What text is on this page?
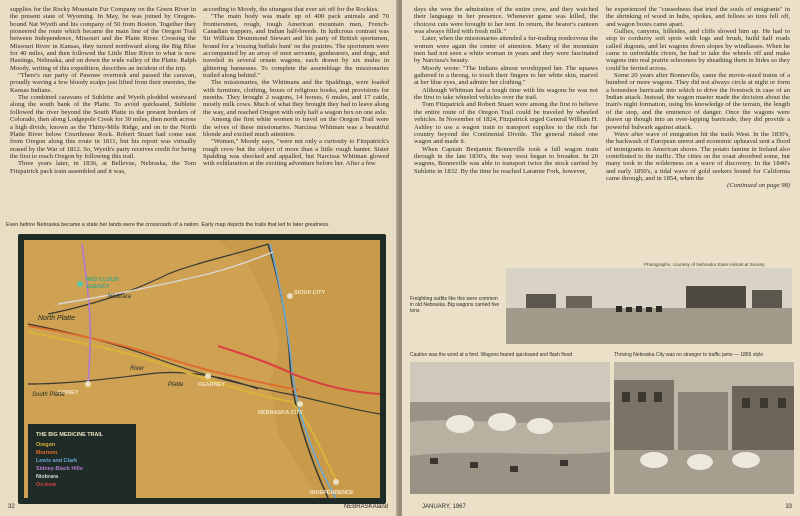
supplies for the Rocky Mountain Fur Company on the Green River in the present state of Wyoming. In May, he was joined by Oregon-bound Nat Wyeth and his company of 50 from Boston. Together they pioneered the route which became the main line of the Oregon Trail between Independence, Missouri and the Platte River. Crossing the Missouri River in Kansas, they turned northward along the Big Blue for 40 miles, and then followed the Little Blue River to what is now Hastings, Nebraska, and on down the wide valley of the Platte. Ralph Moody, writing of this expedition, describes an incident of the trip.

"There's our party of Pawnee overtook and passed the caravan, proudly waving a few bloody scalps just lifted from their enemies, the Kansas Indians.

The combined caravans of Sublette and Wyeth plodded westward along the south bank of the Platte. To avoid quicksand, Sublette followed the river beyond the South Platte to the present borders of Colorado, then along Lodgepole Creek for 30 miles, then north across a high divide, known as the Thirty-Mile Ridge, and on to the North Platte River below Courthouse Rock. Robert Stuart had come east from Oregon along this route in 1811, but his report was virtually erased by the War of 1812. So, Wyeth's party receives credit for being the first to reach Oregon by following this trail.

Three years later, in 1836, at Bellevue, Nebraska, the Tom Fitzpatrick pack train assembled and it was,

according to Moody, the strangest that ever set off for the Rockies.

"The main body was made up of 400 pack animals and 70 frontiersmen, rough, tough American mountain men, French-Canadian trappers, and Indian half-breeds. In ludicrous contrast was Sir William Drummond Stewart and his party of British sportsmen, bound for a 'rousing buffalo hunt' on the prairies. The sportsmen were accompanied by an array of men servants, gunbearers, and dogs, and traveled in several ornate wagons, each drawn by six mules in glittering harnesses. To complete the assemblage the missionaries trailed along behind."

The missionaries, the Whitmans and the Spaldings, were loaded with furniture, clothing, boxes of religious books, and provisions for months. They brought 2 wagons, 14 horses, 6 mules, and 17 cattle, mostly milk cows. Much of what they brought they had to leave along the way, and reached Oregon with only half a wagon box on one axle.

Among the first white women to travel on the Oregon Trail were the wives of these missionaries. Narcissa Whitman was a beautiful blonde and excited much attention.

"Women," Moody says, "were not only a curiosity to Fitzpatrick's rough crew but the object of more than a little rough banter. Sister Spalding was shocked and appalled, but Narcissa Whitman glowed with exhilaration at the exciting adventure before her. After a few

Even before Nebraska became a state her lands were the crossroads of a nation. Early map depicts the trails that led to later greatness
RED CLOUD
AGENCY
Niobrara
SIOUX CITY
North Platte
SIDNEY
South Platte
River
Platte	KEARNEY
NEBRASKA CITY
INDEPENDENCE
THE BIG MEDICINE TRAIL
Oregon
Mormon
Lewis and Clark
Sidney-Black Hills
Niobrara
Ox-bow
32	NEBRASKAland

days she won the admiration of the entire crew, and they watched their language in her presence. Whenever game was killed, the choicest cuts were brought to her tent. In return, the bearer's canteen was always filled with fresh milk."

Later, when the missionaries attended a fur-trading rendezvous the women were again the center of attention. Many of the mountain men had not seen a white woman in years and they were fascinated by Narcissa's beauty.

Moody wrote: "The Indians almost worshipped her. The squaws gathered in a throng, to touch their fingers to her white skin, marvel at her blue eyes, and admire her clothing."

Although Whitman had a tough time with his wagons he was not the first to take wheeled vehicles over the trail.

Tom Fitzpatrick and Robert Stuart were among the first to believe the entire route of the Oregon Trail could be traveled by wheeled vehicles. In November of 1824, Fitzpatrick urged General William H. Ashley to use a wagon train to transport supplies to the rich fur country beyond the Continental Divide. The general risked one wagon and made it.

When Captain Benjamin Bonneville took a full wagon train through in the late 1830's, the way west began to broaden. In 20 wagons, Bonneville was able to transport twice the stock carried by Sublette in 1832. By the time he reached Laramie Fork, however,

he experienced the "cussedness that tried the souls of emigrants" in the shrinking of wood in hubs, spokes, and felloes so tires fell off, and wagon boxes came apart.

Gullies, canyons, hillsides, and cliffs slowed him up. He had to stop to corduroy soft spots with logs and brush, build half roads called dugouts, and let wagons down slopes by windlasses. When he came to unfordable rivers, he had to take the wheels off and make wagons into real prairie schooners by sheathing them in hides so they could be ferried across.

Some 20 years after Bonneville, came the movie-sized trains of a hundred or more wagons. They did not always circle at night or form a horseshoe barricade into which to drive the livestock in case of an Indian attack. Instead, the wagon master made the decision about the train's night formation, using his knowledge of the terrain, the length of the stop, and the eminence of danger. Once the wagons were drawn up though into an over-lapping barricade, they did provide a powerful bulwark against attack.

Wave after wave of emigration hit the trails West. In the 1830's, the backwash of European unrest and economic upheaval sent a flood of immigrants to American shores. The potato famine in Ireland also contributed to the traffic. The cities on the coast absorbed some, but many took to the wilderness on a wave of discovery. In the 1840's and early 1850's, a tidal wave of gold seekers bound for California came through, and in 1854, when the

(Continued on page 98)

Photographs, courtesy of Nebraska State Historical Society
Freighting outfits like this were common in old Nebraska. Big wagons carried five tons
Caution was the word at a ford. Wagons feared quicksand and flash flood	Thriving Nebraska City was no stranger to traffic jams — 1865 style
JANUARY, 1967	33
